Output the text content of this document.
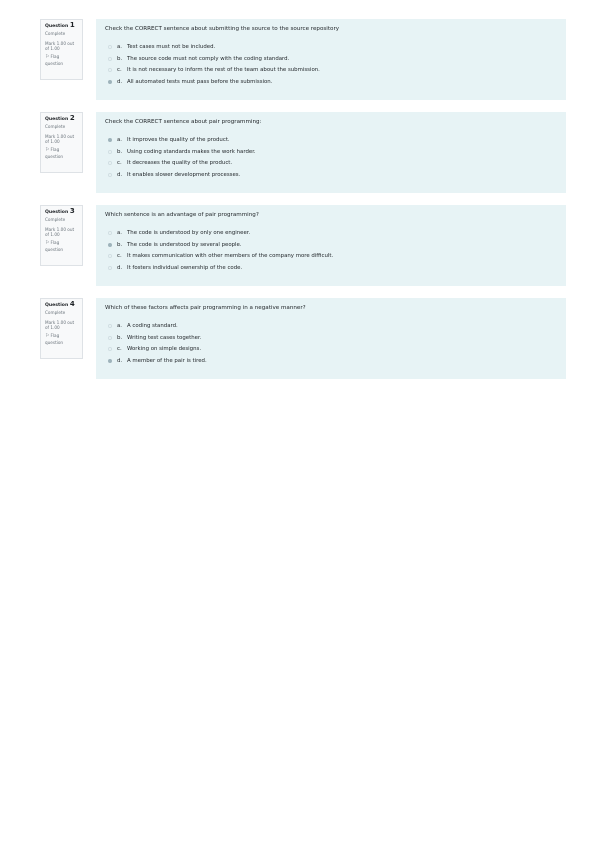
Question 1
Complete
Mark 1.00 out of 1.00
⚐Flag question

Check the CORRECT sentence about submitting the source to the source repository

a. Test cases must not be included.
b. The source code must not comply with the coding standard.
c. It is not necessary to inform the rest of the team about the submission.
d. All automated tests must pass before the submission.
Question 2
Complete
Mark 1.00 out of 1.00
⚐Flag question

Check the CORRECT sentence about pair programming:

a. It improves the quality of the product.
b. Using coding standards makes the work harder.
c. It decreases the quality of the product.
d. It enables slower development processes.
Question 3
Complete
Mark 1.00 out of 1.00
⚐Flag question

Which sentence is an advantage of pair programming?

a. The code is understood by only one engineer.
b. The code is understood by several people.
c. It makes communication with other members of the company more difficult.
d. It fosters individual ownership of the code.
Question 4
Complete
Mark 1.00 out of 1.00
⚐Flag question

Which of these factors affects pair programming in a negative manner?

a. A coding standard.
b. Writing test cases together.
c. Working on simple designs.
d. A member of the pair is tired.
